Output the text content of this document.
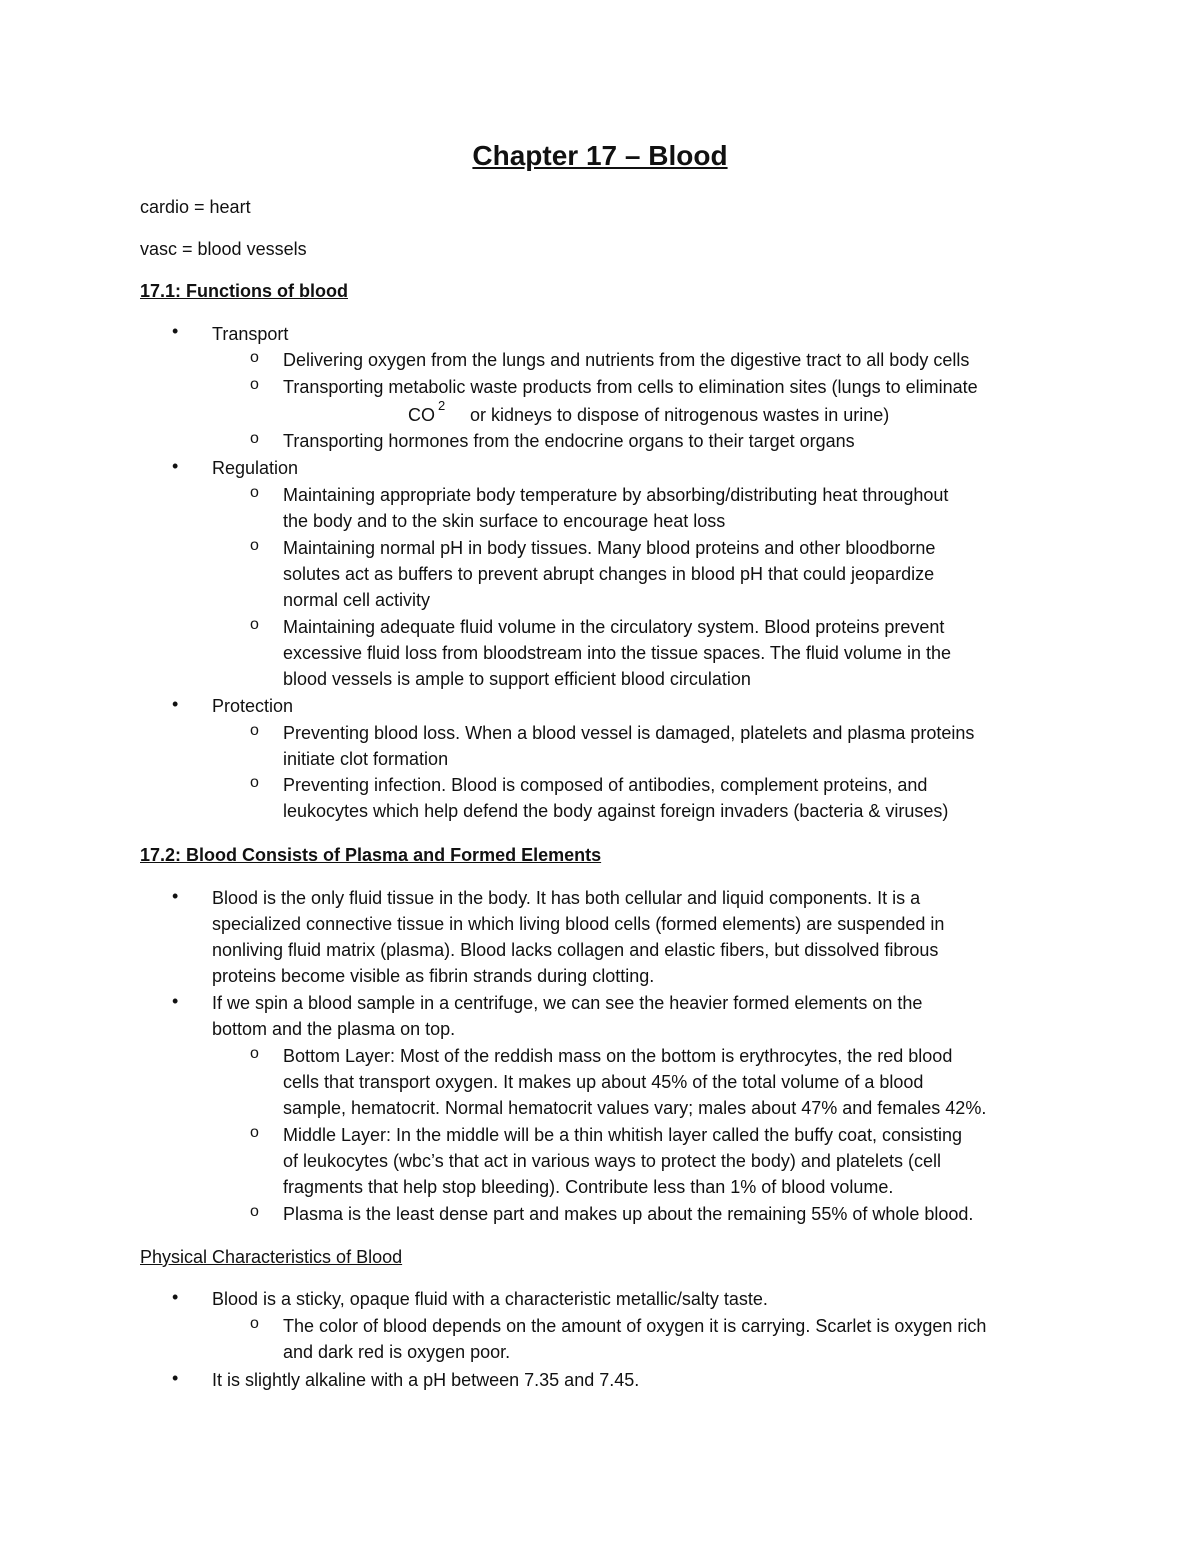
Chapter 17 – Blood
cardio = heart
vasc = blood vessels
17.1: Functions of blood
• Transport
o Delivering oxygen from the lungs and nutrients from the digestive tract to all body cells
o Transporting metabolic waste products from cells to elimination sites (lungs to eliminate
CO 2 or kidneys to dispose of nitrogenous wastes in urine)
o Transporting hormones from the endocrine organs to their target organs
• Regulation
o Maintaining appropriate body temperature by absorbing/distributing heat throughout
the body and to the skin surface to encourage heat loss
o Maintaining normal pH in body tissues. Many blood proteins and other bloodborne
solutes act as buffers to prevent abrupt changes in blood pH that could jeopardize
normal cell activity
o Maintaining adequate fluid volume in the circulatory system. Blood proteins prevent
excessive fluid loss from bloodstream into the tissue spaces. The fluid volume in the
blood vessels is ample to support efficient blood circulation
• Protection
o Preventing blood loss. When a blood vessel is damaged, platelets and plasma proteins
initiate clot formation
o Preventing infection. Blood is composed of antibodies, complement proteins, and
leukocytes which help defend the body against foreign invaders (bacteria & viruses)
17.2: Blood Consists of Plasma and Formed Elements
• Blood is the only fluid tissue in the body. It has both cellular and liquid components. It is a
specialized connective tissue in which living blood cells (formed elements) are suspended in
nonliving fluid matrix (plasma). Blood lacks collagen and elastic fibers, but dissolved fibrous
proteins become visible as fibrin strands during clotting.
• If we spin a blood sample in a centrifuge, we can see the heavier formed elements on the
bottom and the plasma on top.
o Bottom Layer: Most of the reddish mass on the bottom is erythrocytes, the red blood
cells that transport oxygen. It makes up about 45% of the total volume of a blood
sample, hematocrit. Normal hematocrit values vary; males about 47% and females 42%.
o Middle Layer: In the middle will be a thin whitish layer called the buffy coat, consisting
of leukocytes (wbc’s that act in various ways to protect the body) and platelets (cell
fragments that help stop bleeding). Contribute less than 1% of blood volume.
o Plasma is the least dense part and makes up about the remaining 55% of whole blood.
Physical Characteristics of Blood
• Blood is a sticky, opaque fluid with a characteristic metallic/salty taste.
o The color of blood depends on the amount of oxygen it is carrying. Scarlet is oxygen rich
and dark red is oxygen poor.
• It is slightly alkaline with a pH between 7.35 and 7.45.
